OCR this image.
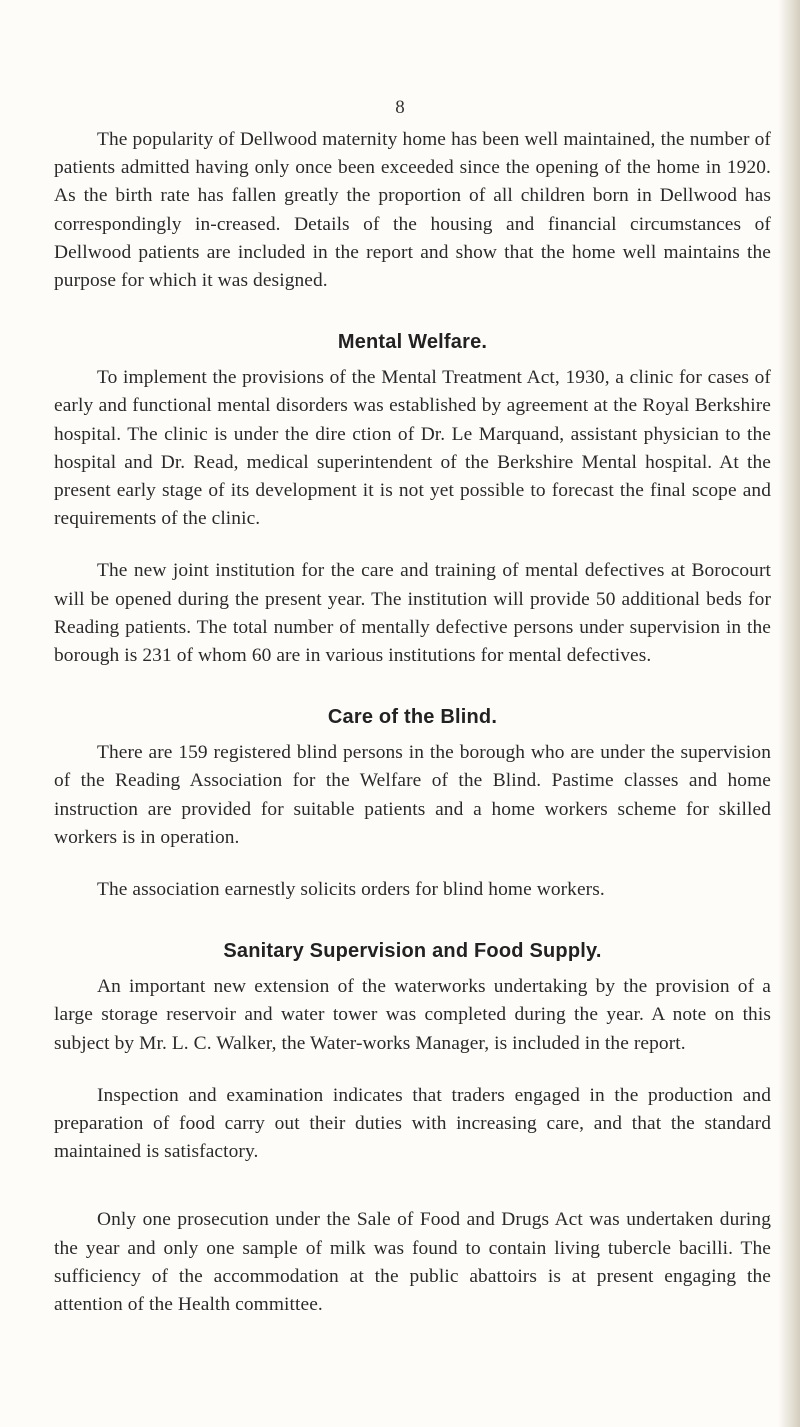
8

The popularity of Dellwood maternity home has been well maintained, the number of patients admitted having only once been exceeded since the opening of the home in 1920. As the birth rate has fallen greatly the proportion of all children born in Dellwood has correspondingly in-creased. Details of the housing and financial circumstances of Dellwood patients are included in the report and show that the home well maintains the purpose for which it was designed.

Mental Welfare.

To implement the provisions of the Mental Treatment Act, 1930, a clinic for cases of early and functional mental disorders was established by agreement at the Royal Berkshire hospital. The clinic is under the dire ction of Dr. Le Marquand, assistant physician to the hospital and Dr. Read, medical superintendent of the Berkshire Mental hospital. At the present early stage of its development it is not yet possible to forecast the final scope and requirements of the clinic.

The new joint institution for the care and training of mental defectives at Borocourt will be opened during the present year. The institution will provide 50 additional beds for Reading patients. The total number of mentally defective persons under supervision in the borough is 231 of whom 60 are in various institutions for mental defectives.

Care of the Blind.

There are 159 registered blind persons in the borough who are under the supervision of the Reading Association for the Welfare of the Blind. Pastime classes and home instruction are provided for suitable patients and a home workers scheme for skilled workers is in operation.

The association earnestly solicits orders for blind home workers.

Sanitary Supervision and Food Supply.

An important new extension of the waterworks undertaking by the provision of a large storage reservoir and water tower was completed during the year. A note on this subject by Mr. L. C. Walker, the Water-works Manager, is included in the report.

Inspection and examination indicates that traders engaged in the production and preparation of food carry out their duties with increasing care, and that the standard maintained is satisfactory.

Only one prosecution under the Sale of Food and Drugs Act was undertaken during the year and only one sample of milk was found to contain living tubercle bacilli. The sufficiency of the accommodation at the public abattoirs is at present engaging the attention of the Health committee.
